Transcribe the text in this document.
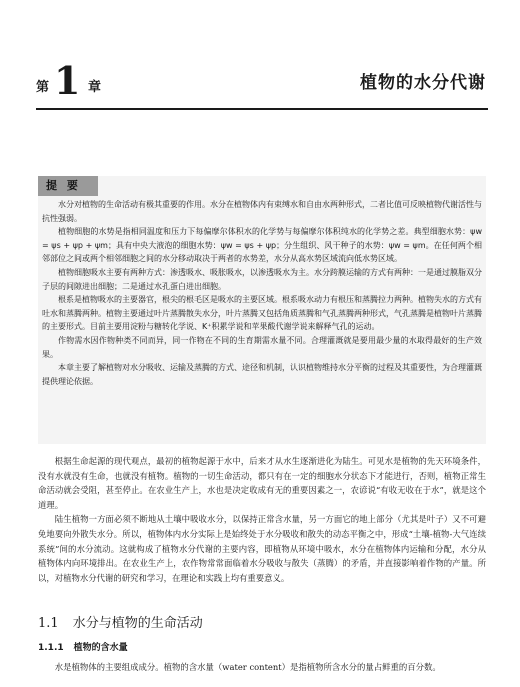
第 1 章	植物的水分代谢
提 要

水分对植物的生命活动有极其重要的作用。水分在植物体内有束缚水和自由水两种形式，二者比值可反映植物代谢活性与抗性强弱。

植物细胞的水势是指相同温度和压力下每偏摩尔体积水的化学势与每偏摩尔体积纯水的化学势之差。典型细胞水势：ψw = ψs + ψp + ψm；具有中央大液泡的细胞水势：ψw = ψs + ψp；分生组织、风干种子的水势：ψw = ψm。在任何两个相邻部位之间或两个相邻细胞之间的水分移动取决于两者的水势差，水分从高水势区域流向低水势区域。

植物细胞吸水主要有两种方式：渗透吸水、吸胀吸水，以渗透吸水为主。水分跨膜运输的方式有两种：一是通过膜脂双分子层的间隙进出细胞；二是通过水孔蛋白进出细胞。

根系是植物吸水的主要器官，根尖的根毛区是吸水的主要区域。根系吸水动力有根压和蒸腾拉力两种。植物失水的方式有吐水和蒸腾两种。植物主要通过叶片蒸腾散失水分，叶片蒸腾又包括角质蒸腾和气孔蒸腾两种形式，气孔蒸腾是植物叶片蒸腾的主要形式。目前主要用淀粉与糖转化学说、K⁺积累学说和苹果酸代谢学说来解释气孔的运动。

作物需水因作物种类不同而异，同一作物在不同的生育期需水量不同。合理灌溉就是要用最少量的水取得最好的生产效果。

本章主要了解植物对水分吸收、运输及蒸腾的方式、途径和机制，认识植物维持水分平衡的过程及其重要性，为合理灌溉提供理论依据。

根据生命起源的现代观点，最初的植物起源于水中，后来才从水生逐渐进化为陆生。可见水是植物的先天环境条件，没有水就没有生命，也就没有植物。植物的一切生命活动，都只有在一定的细胞水分状态下才能进行，否则，植物正常生命活动就会受阻，甚至停止。在农业生产上，水也是决定收成有无的重要因素之一，农谚说“有收无收在于水”，就是这个道理。

陆生植物一方面必须不断地从土壤中吸收水分，以保持正常含水量，另一方面它的地上部分（尤其是叶子）又不可避免地要向外散失水分。所以，植物体内水分实际上是始终处于水分吸收和散失的动态平衡之中，形成“土壤-植物-大气连续系统”间的水分流动。这就构成了植物水分代谢的主要内容，即植物从环境中吸水，水分在植物体内运输和分配，水分从植物体内向环境排出。在农业生产上，农作物常常面临着水分吸收与散失（蒸腾）的矛盾，并直接影响着作物的产量。所以，对植物水分代谢的研究和学习，在理论和实践上均有重要意义。

1.1 水分与植物的生命活动
1.1.1 植物的含水量

水是植物体的主要组成成分。植物的含水量（water content）是指植物所含水分的量占鲜重的百分数。
